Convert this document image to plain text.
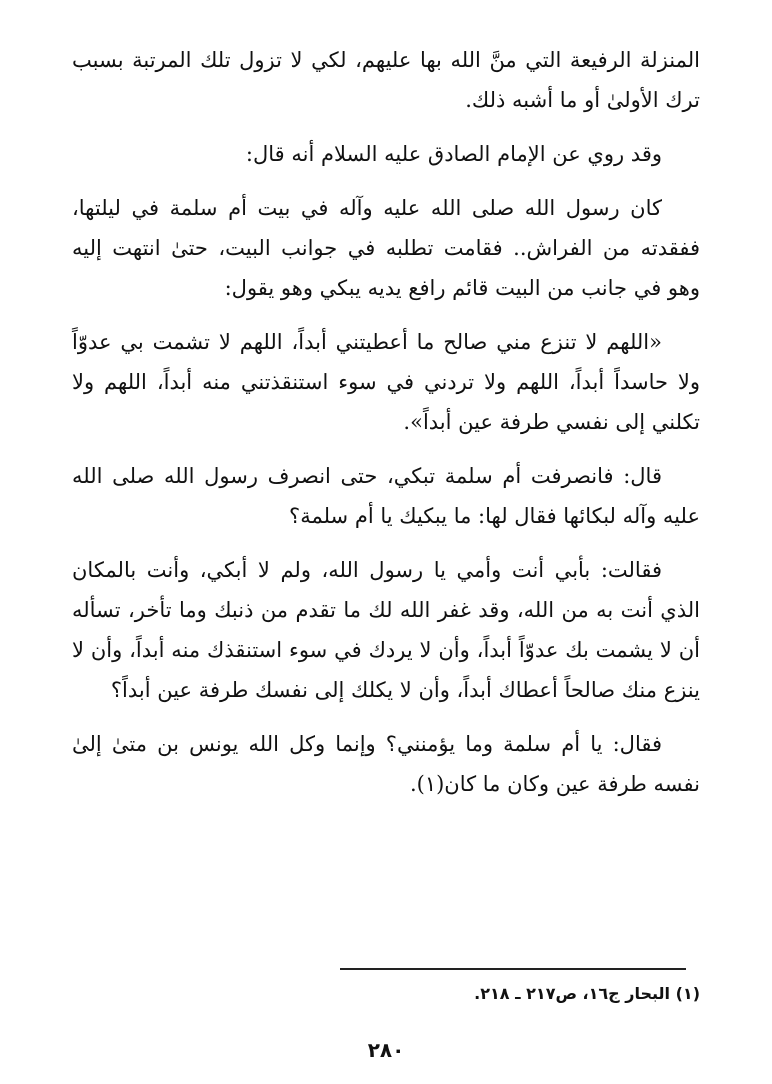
المنزلة الرفيعة التي منَّ الله بها عليهم، لكي لا تزول تلك المرتبة بسبب ترك الأولىٰ أو ما أشبه ذلك.

وقد روي عن الإمام الصادق عليه السلام أنه قال:

كان رسول الله صلى الله عليه وآله في بيت أم سلمة في ليلتها، ففقدته من الفراش.. فقامت تطلبه في جوانب البيت، حتىٰ انتهت إليه وهو في جانب من البيت قائم رافع يديه يبكي وهو يقول:

«اللهم لا تنزع مني صالح ما أعطيتني أبداً، اللهم لا تشمت بي عدوّاً ولا حاسداً أبداً، اللهم ولا تردني في سوء استنقذتني منه أبداً، اللهم ولا تكلني إلى نفسي طرفة عين أبداً».

قال: فانصرفت أم سلمة تبكي، حتى انصرف رسول الله صلى الله عليه وآله لبكائها فقال لها: ما يبكيك يا أم سلمة؟

فقالت: بأبي أنت وأمي يا رسول الله، ولم لا أبكي، وأنت بالمكان الذي أنت به من الله، وقد غفر الله لك ما تقدم من ذنبك وما تأخر، تسأله أن لا يشمت بك عدوّاً أبداً، وأن لا يردك في سوء استنقذك منه أبداً، وأن لا ينزع منك صالحاً أعطاك أبداً، وأن لا يكلك إلى نفسك طرفة عين أبداً؟

فقال: يا أم سلمة وما يؤمنني؟ وإنما وكل الله يونس بن متىٰ إلىٰ نفسه طرفة عين وكان ما كان(١).

(١) البحار ج١٦، ص٢١٧ ـ ٢١٨.
٢٨٠
